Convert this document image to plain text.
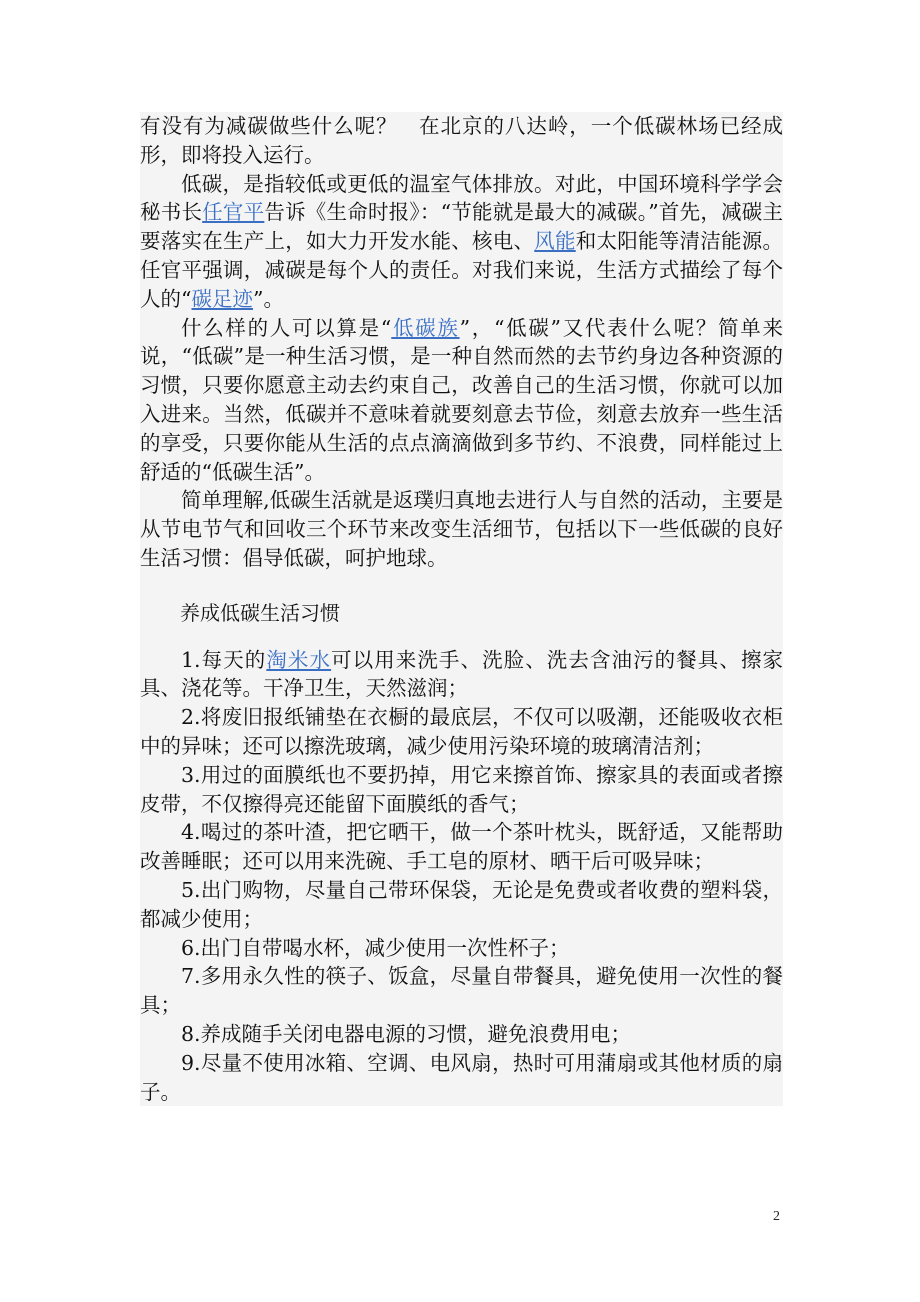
有没有为减碳做些什么呢？　在北京的八达岭，一个低碳林场已经成形，即将投入运行。

低碳，是指较低或更低的温室气体排放。对此，中国环境科学学会秘书长任官平告诉《生命时报》：“节能就是最大的减碳。”首先，减碳主要落实在生产上，如大力开发水能、核电、风能和太阳能等清洁能源。任官平强调，减碳是每个人的责任。对我们来说，生活方式描绘了每个人的“碳足迹”。

什么样的人可以算是“低碳族”，“低碳”又代表什么呢？简单来说，“低碳”是一种生活习惯，是一种自然而然的去节约身边各种资源的习惯，只要你愿意主动去约束自己，改善自己的生活习惯，你就可以加入进来。当然，低碳并不意味着就要刻意去节俭，刻意去放弃一些生活的享受，只要你能从生活的点点滴滴做到多节约、不浪费，同样能过上舒适的“低碳生活”。

简单理解,低碳生活就是返璞归真地去进行人与自然的活动，主要是从节电节气和回收三个环节来改变生活细节，包括以下一些低碳的良好生活习惯：倡导低碳，呵护地球。

养成低碳生活习惯

1.每天的淘米水可以用来洗手、洗脸、洗去含油污的餐具、擦家具、浇花等。干净卫生，天然滋润；

2.将废旧报纸铺垫在衣橱的最底层，不仅可以吸潮，还能吸收衣柜中的异味；还可以擦洗玻璃，减少使用污染环境的玻璃清洁剂；

3.用过的面膜纸也不要扔掉，用它来擦首饰、擦家具的表面或者擦皮带，不仅擦得亮还能留下面膜纸的香气；

4.喝过的茶叶渣，把它晒干，做一个茶叶枕头，既舒适，又能帮助改善睡眠；还可以用来洗碗、手工皂的原材、晒干后可吸异味；

5.出门购物，尽量自己带环保袋，无论是免费或者收费的塑料袋，都减少使用；

6.出门自带喝水杯，减少使用一次性杯子；

7.多用永久性的筷子、饭盒，尽量自带餐具，避免使用一次性的餐具；

8.养成随手关闭电器电源的习惯，避免浪费用电；

9.尽量不使用冰箱、空调、电风扇，热时可用蒲扇或其他材质的扇子。

2
